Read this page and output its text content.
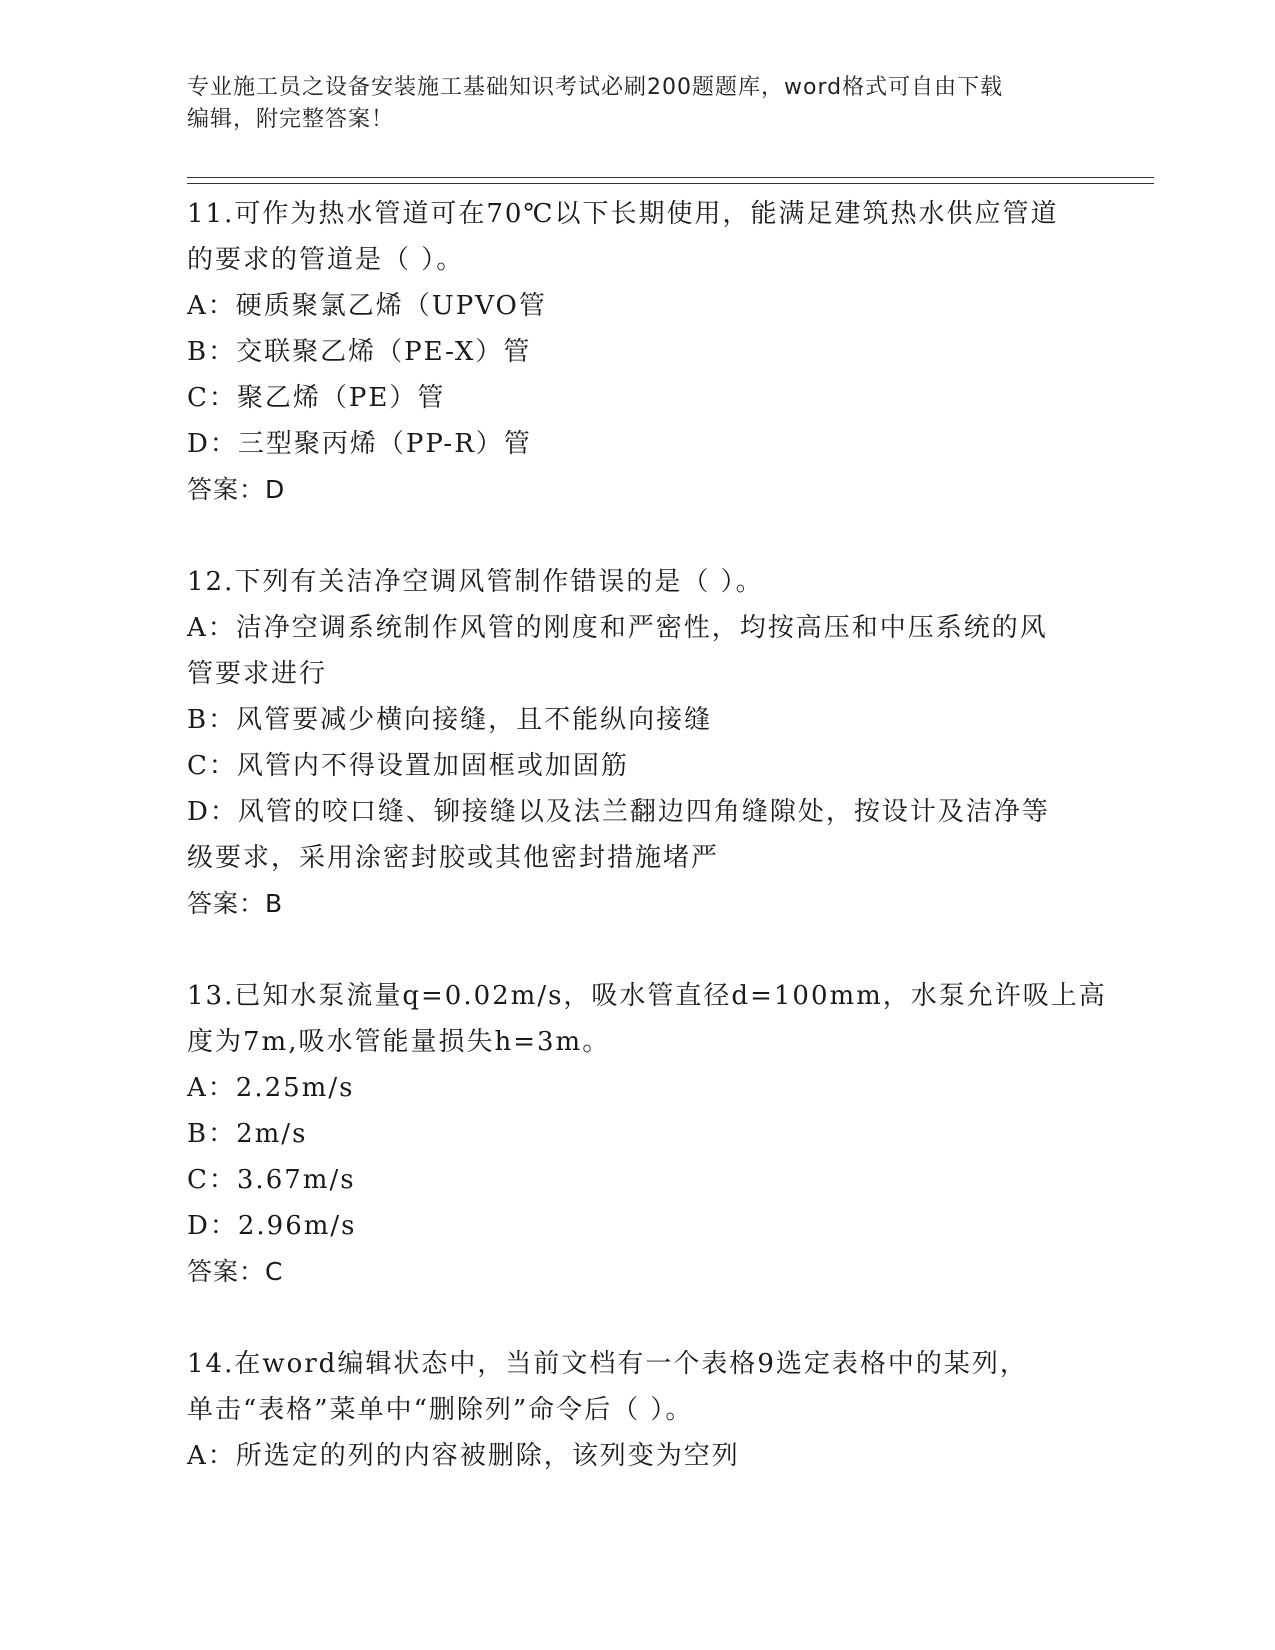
专业施工员之设备安装施工基础知识考试必刷200题题库，word格式可自由下载
编辑，附完整答案！
11.可作为热水管道可在70℃以下长期使用，能满足建筑热水供应管道
的要求的管道是（ ）。
A：硬质聚氯乙烯（UPVO管
B：交联聚乙烯（PE-X）管
C：聚乙烯（PE）管
D：三型聚丙烯（PP-R）管
答案：D
12.下列有关洁净空调风管制作错误的是（ ）。
A：洁净空调系统制作风管的刚度和严密性，均按高压和中压系统的风
管要求进行
B：风管要减少横向接缝，且不能纵向接缝
C：风管内不得设置加固框或加固筋
D：风管的咬口缝、铆接缝以及法兰翻边四角缝隙处，按设计及洁净等
级要求，采用涂密封胶或其他密封措施堵严
答案：B
13.已知水泵流量q=0.02m/s，吸水管直径d=100mm，水泵允许吸上高
度为7m,吸水管能量损失h=3m。
A：2.25m/s
B：2m/s
C：3.67m/s
D：2.96m/s
答案：C
14.在word编辑状态中，当前文档有一个表格9选定表格中的某列，
单击“表格”菜单中“删除列”命令后（ ）。
A：所选定的列的内容被删除，该列变为空列
